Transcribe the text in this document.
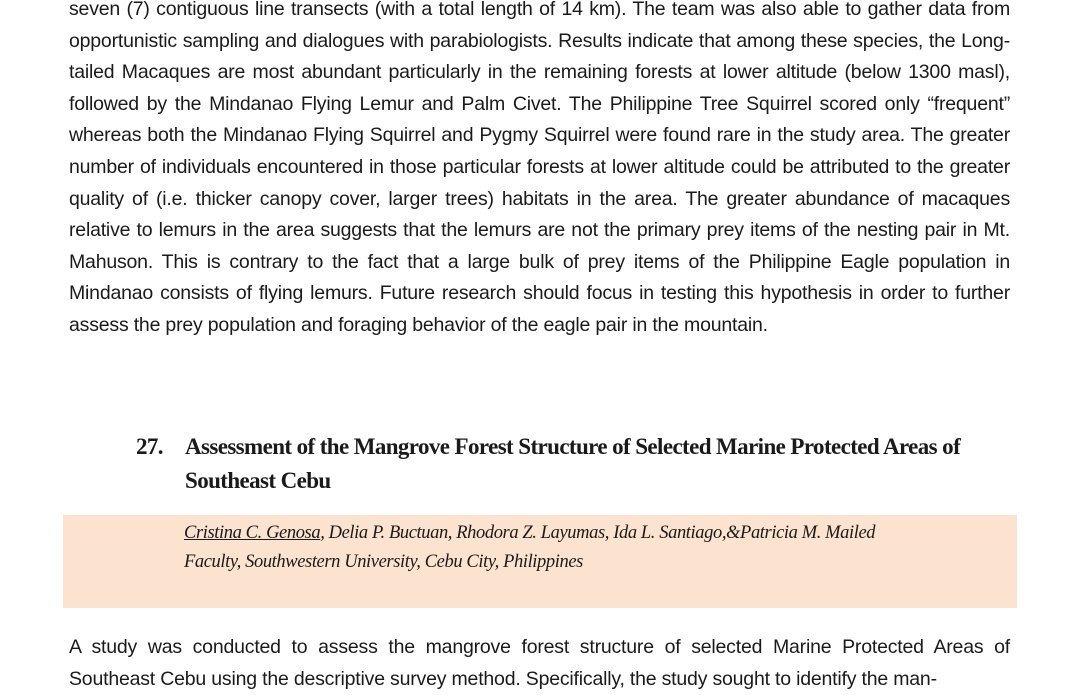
seven (7) contiguous line transects (with a total length of 14 km). The team was also able to gather data from opportunistic sampling and dialogues with parabiologists. Results indicate that among these species, the Long-tailed Macaques are most abundant particularly in the remaining forests at lower altitude (below 1300 masl), followed by the Mindanao Flying Lemur and Palm Civet. The Philippine Tree Squirrel scored only “frequent” whereas both the Mindanao Flying Squirrel and Pygmy Squirrel were found rare in the study area. The greater number of individuals encountered in those particular forests at lower altitude could be attributed to the greater quality of (i.e. thicker canopy cover, larger trees) habitats in the area. The greater abundance of macaques relative to lemurs in the area suggests that the lemurs are not the primary prey items of the nesting pair in Mt. Mahuson. This is contrary to the fact that a large bulk of prey items of the Philippine Eagle population in Mindanao consists of flying lemurs. Future research should focus in testing this hypothesis in order to further assess the prey population and foraging behavior of the eagle pair in the mountain.

27. Assessment of the Mangrove Forest Structure of Selected Marine Protected Areas of Southeast Cebu
Cristina C. Genosa, Delia P. Buctuan, Rhodora Z. Layumas, Ida L. Santiago,&Patricia M. Mailed
Faculty, Southwestern University, Cebu City, Philippines

A study was conducted to assess the mangrove forest structure of selected Marine Protected Areas of Southeast Cebu using the descriptive survey method. Specifically, the study sought to identify the man-
